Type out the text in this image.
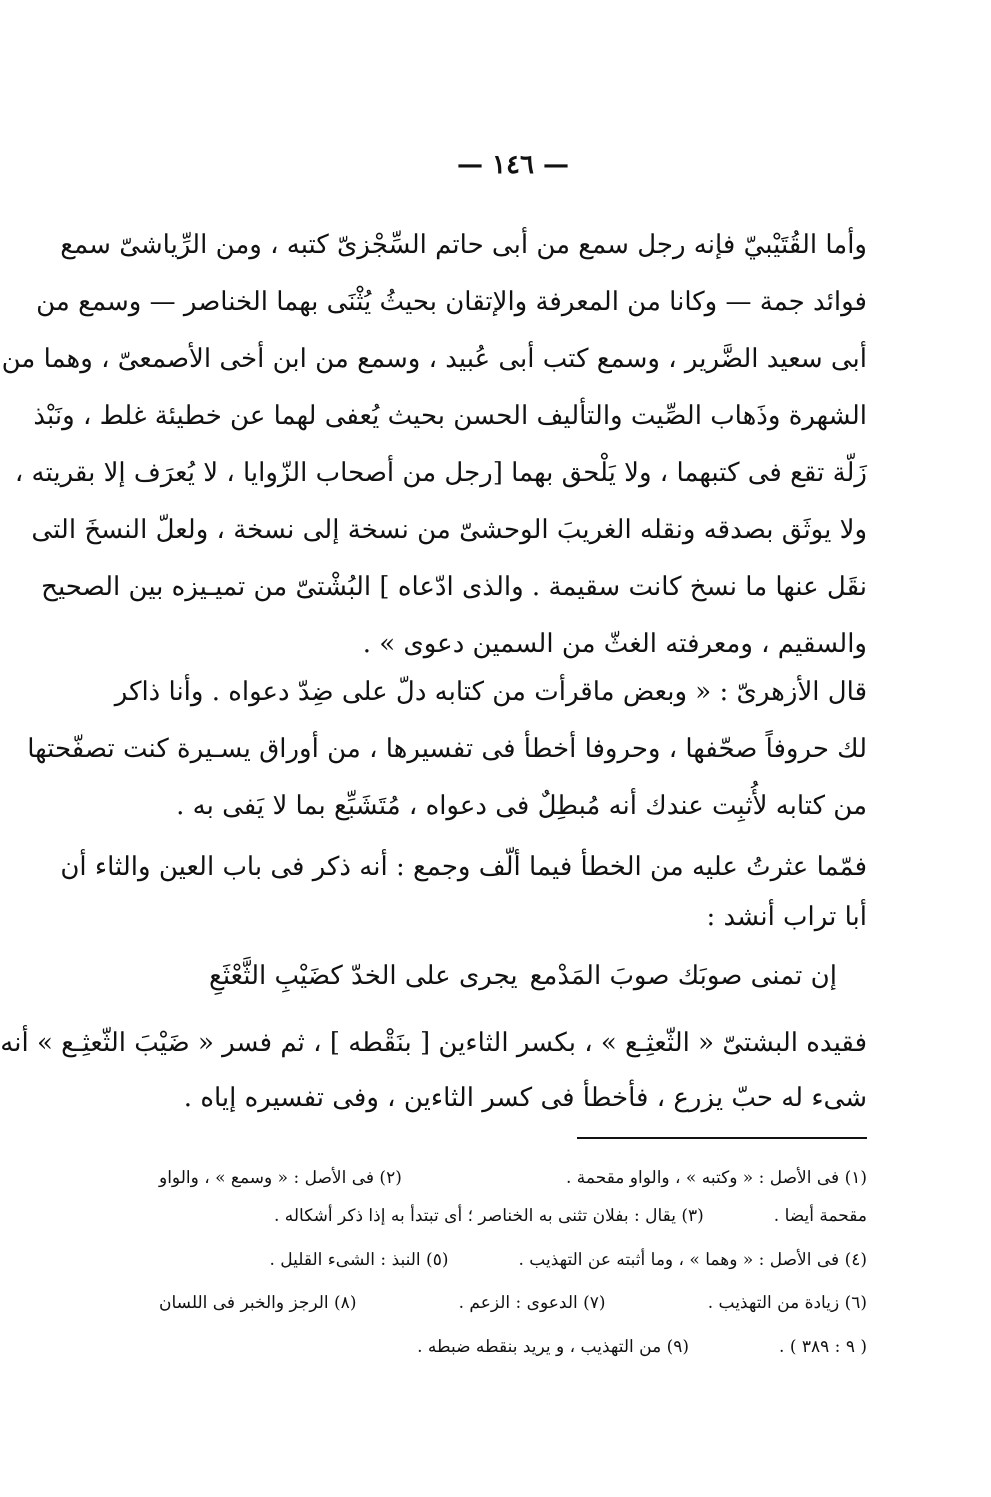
— ١٤٦ —
وأما القُتَيْبيّ فإنه رجل سمع من أبى حاتم السِّجْزىّ كتبه ، ومن الرِّياشىّ سمع
فوائد جمة — وكانا من المعرفة والإتقان بحيثُ يُثْنَى بهما الخناصر — وسمع من
أبى سعيد الضَّرير ، وسمع كتب أبى عُبيد ، وسمع من ابن أخى الأصمعىّ ، وهما من
الشهرة وذَهاب الصِّيت والتأليف الحسن بحيث يُعفى لهما عن خطيئة غلط ، ونَبْذ
زَلّة تقع فى كتبهما ، ولا يَلْحق بهما [رجل من أصحاب الزّوايا ، لا يُعرَف إلا بقريته ،
ولا يوثَق بصدقه ونقله الغريبَ الوحشىّ من نسخة إلى نسخة ، ولعلّ النسخَ التى
نقَل عنها ما نسخ كانت سقيمة . والذى ادّعاه ] البُشْتىّ من تميـيزه بين الصحيح
والسقيم ، ومعرفته الغثّ من السمين دعوى » .
قال الأزهرىّ : « وبعض ماقرأت من كتابه دلّ على ضِدّ دعواه . وأنا ذاكر
لك حروفاً صحّفها ، وحروفا أخطأ فى تفسيرها ، من أوراق يسـيرة كنت تصفّحتها
من كتابه لأُثبِت عندك أنه مُبطِلٌ فى دعواه ، مُتَشَبِّع بما لا يَفى به .
فمّما عثرتُ عليه من الخطأ فيما ألّف وجمع : أنه ذكر فى باب العين والثاء أن
أبا تراب أنشد :
إن تمنى صوبَك صوبَ المَدْمع
يجرى على الخدّ كضَيْبِ الثَّعْثَعِ
فقيده البشتىّ « الثّعثِـع » ، بكسر الثاءين [ بنَقْطه ] ، ثم فسر « ضَيْبَ الثّعثِـع » أنه
شىء له حبّ يزرع ، فأخطأ فى كسر الثاءين ، وفى تفسيره إياه .
(١) فى الأصل : « وكتبه » ، والواو مقحمة .
(٢) فى الأصل : « وسمع » ، والواو
مقحمة أيضا .
(٣) يقال : بفلان تثنى به الخناصر ؛ أى تبتدأ به إذا ذكر أشكاله .
(٤) فى الأصل : « وهما » ، وما أثبته عن التهذيب .
(٥) النبذ : الشىء القليل .
(٦) زيادة من التهذيب .
(٧) الدعوى : الزعم .
(٨) الرجز والخبر فى اللسان
( ٩ : ٣٨٩ ) .
(٩) من التهذيب ، و يريد بنقطه ضبطه .
